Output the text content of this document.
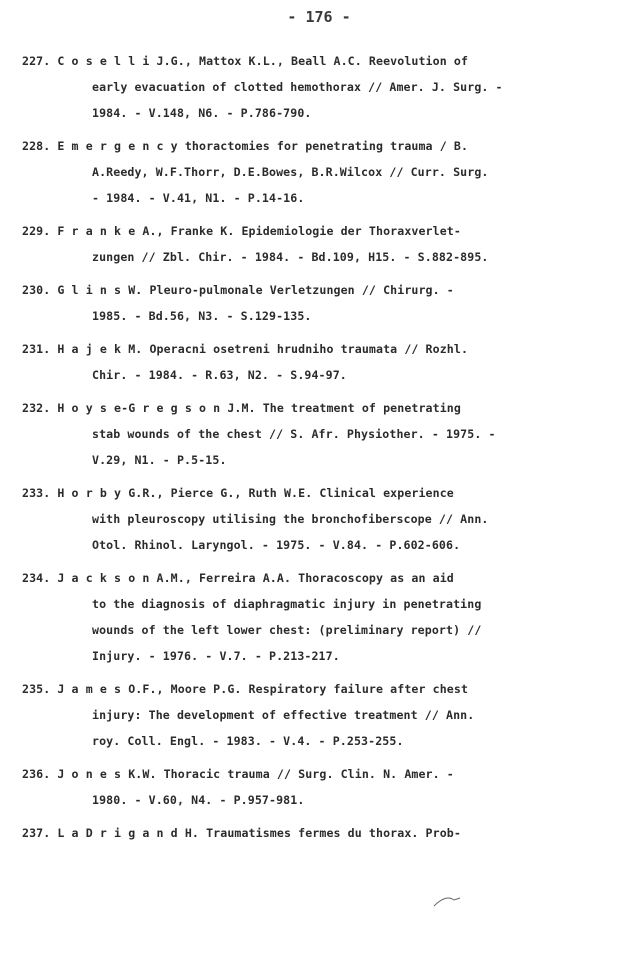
- 176 -
227. C o s e l l i J.G., Mattox K.L., Beall A.C. Reevolution of
early evacuation of clotted hemothorax // Amer. J. Surg. -
1984. - V.148, N6. - P.786-790.
228. E m e r g e n c y thoractomies for penetrating trauma / B.
A.Reedy, W.F.Thorr, D.E.Bowes, B.R.Wilcox // Curr. Surg.
- 1984. - V.41, N1. - P.14-16.
229. F r a n k e A., Franke K. Epidemiologie der Thoraxverlet-
zungen // Zbl. Chir. - 1984. - Bd.109, H15. - S.882-895.
230. G l i n s W. Pleuro-pulmonale Verletzungen // Chirurg. -
1985. - Bd.56, N3. - S.129-135.
231. H a j e k M. Operacni osetreni hrudniho traumata // Rozhl.
Chir. - 1984. - R.63, N2. - S.94-97.
232. H o y s e-G r e g s o n J.M. The treatment of penetrating
stab wounds of the chest // S. Afr. Physiother. - 1975. -
V.29, N1. - P.5-15.
233. H o r b y G.R., Pierce G., Ruth W.E. Clinical experience
with pleuroscopy utilising the bronchofiberscope // Ann.
Otol. Rhinol. Laryngol. - 1975. - V.84. - P.602-606.
234. J a c k s o n A.M., Ferreira A.A. Thoracoscopy as an aid
to the diagnosis of diaphragmatic injury in penetrating
wounds of the left lower chest: (preliminary report) //
Injury. - 1976. - V.7. - P.213-217.
235. J a m e s O.F., Moore P.G. Respiratory failure after chest
injury: The development of effective treatment // Ann.
roy. Coll. Engl. - 1983. - V.4. - P.253-255.
236. J o n e s K.W. Thoracic trauma // Surg. Clin. N. Amer. -
1980. - V.60, N4. - P.957-981.
237. L a D r i g a n d H. Traumatismes fermes du thorax. Prob-
